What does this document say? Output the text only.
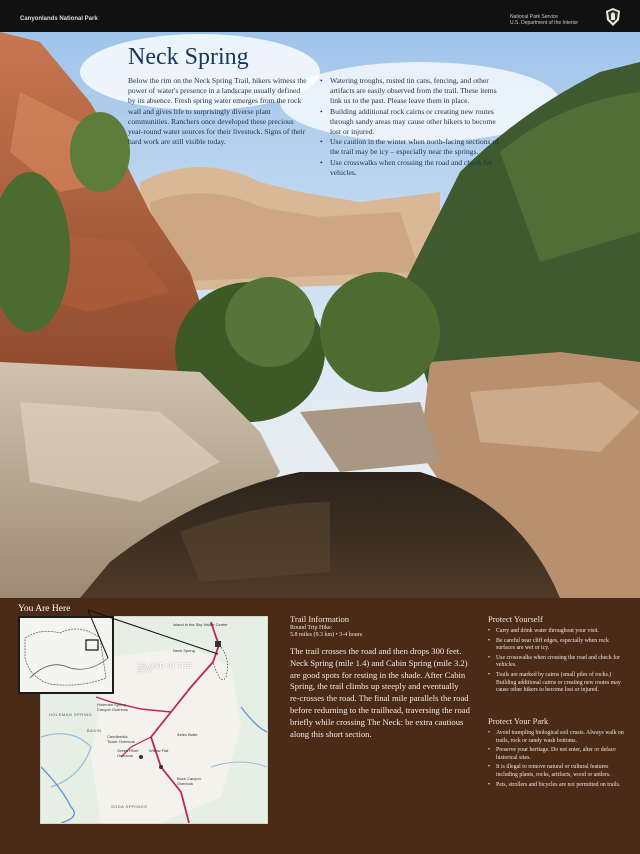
Canyonlands National Park	National Park Service
U.S. Department of the Interior
Neck Spring
Below the rim on the Neck Spring Trail, hikers witness the power of water's presence in a landscape usually defined by its absence. Fresh spring water emerges from the rock wall and gives life to surprisingly diverse plant communities. Ranchers once developed these precious year-round water sources for their livestock. Signs of their hard work are still visible today.
• Watering troughs, rusted tin cans, fencing, and other artifacts are easily observed from the trail. These items link us to the past. Please leave them in place.
• Building additional rock cairns or creating new routes through sandy areas may cause other hikers to become lost or injured.
• Use caution in the winter when north-facing sections of the trail may be icy – especially near the springs.
• Use crosswalks when crossing the road and check for vehicles.
Island in the Sky Visitor Center
Neck Spring
ISLAND IN THE SKY
HOLEMAN SPRING
Holeman Spring Canyon Overlook
Green River Overlook
Candlestick Tower Overlook
Willow Flat
Aztec Butte
Buck Canyon Overlook
SODA SPRINGS
BASIN
You Are Here
Trail Information
Round Trip Hike:
5.8 miles (9.3 km) • 3-4 hours
The trail crosses the road and then drops 300 feet. Neck Spring (mile 1.4) and Cabin Spring (mile 3.2) are good spots for resting in the shade. After Cabin Spring, the trail climbs up steeply and eventually re-crosses the road. The final mile parallels the road before redurning to the trailhead, traversing the road briefly while crossing The Neck: be extra cautious along this short section.
Protect Yourself
• Carry and drink water throughout your visit.
• Be careful near cliff edges, especially when rock surfaces are wet or icy.
• Use crosswalks when crossing the road and check for vehicles.
• Trails are marked by cairns (small piles of rocks.) Building additional cairns or creating new routes may cause other hikers to become lost or injured.
Protect Your Park
• Avoid trampling biological soil crusts. Always walk on trails, rock or sandy wash bottoms.
• Preserve your heritage. Do not enter, alter or deface historical sites.
• It is illegal to remove natural or cultural features including plants, rocks, artifacts, wood or antlers.
• Pets, strollers and bicycles are not permitted on trails.
